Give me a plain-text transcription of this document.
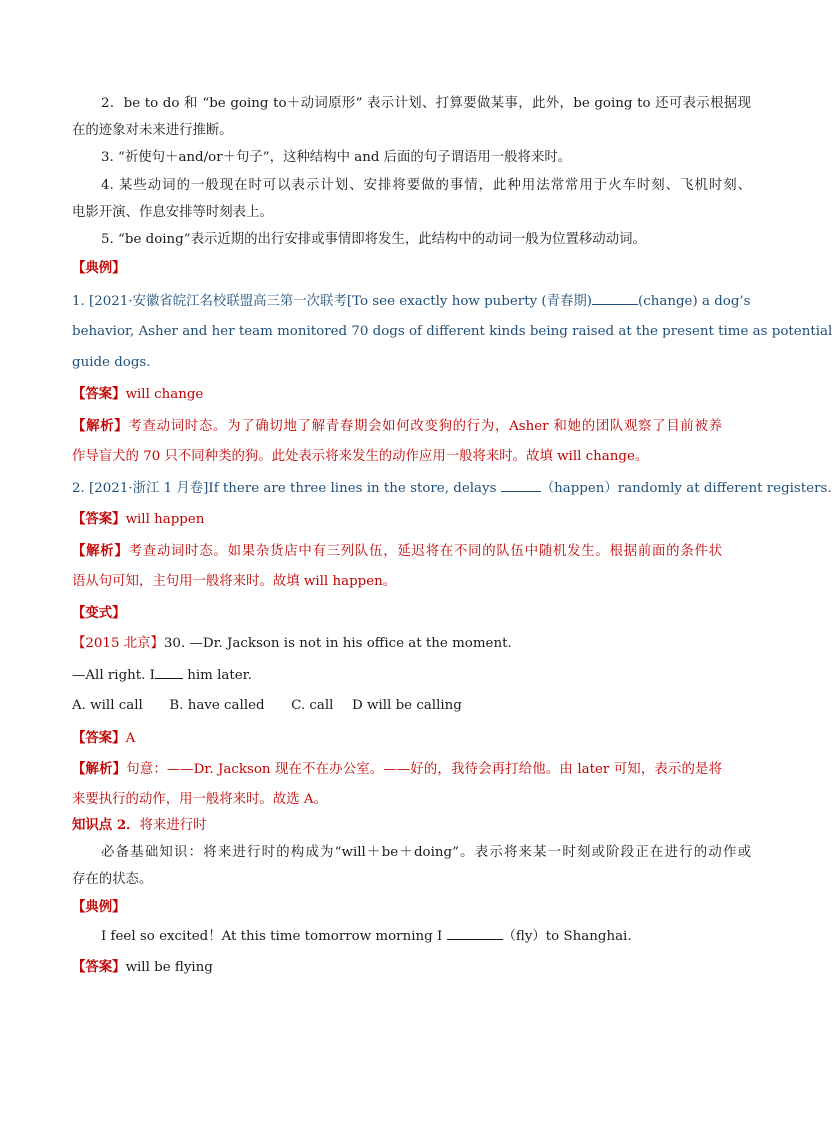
2．be to do 和 “be going to＋动词原形” 表示计划、打算要做某事，此外，be going to 还可表示根据现
在的迹象对未来进行推断。
3. “祈使句＋and/or＋句子”，这种结构中 and 后面的句子谓语用一般将来时。
4. 某些动词的一般现在时可以表示计划、安排将要做的事情，此种用法常常用于火车时刻、飞机时刻、
电影开演、作息安排等时刻表上。
5. “be doing”表示近期的出行安排或事情即将发生，此结构中的动词一般为位置移动动词。
【典例】
1. [2021·安徽省皖江名校联盟高三第一次联考[To see exactly how puberty (青春期)	(change) a dog’s
behavior, Asher and her team monitored 70 dogs of different kinds being raised at the present time as potential
guide dogs.
【答案】will change
【解析】考查动词时态。为了确切地了解青春期会如何改变狗的行为，Asher 和她的团队观察了目前被养
作导盲犬的 70 只不同种类的狗。此处表示将来发生的动作应用一般将来时。故填 will change。
2. [2021·浙江 1 月卷]If there are three lines in the store, delays	（happen）randomly at different registers.
【答案】will happen
【解析】考查动词时态。如果杂货店中有三列队伍，延迟将在不同的队伍中随机发生。根据前面的条件状
语从句可知，主句用一般将来时。故填 will happen。
【变式】
【2015 北京】30. —Dr. Jackson is not in his office at the moment.
—All right. I him later.
A. will call B. have called C. call D will be calling
【答案】A
【解析】句意：——Dr. Jackson 现在不在办公室。——好的，我待会再打给他。由 later 可知，表示的是将
来要执行的动作，用一般将来时。故选 A。
知识点 2．将来进行时
必备基础知识：将来进行时的构成为“will＋be＋doing”。表示将来某一时刻或阶段正在进行的动作或
存在的状态。
【典例】
I feel so excited！At this time tomorrow morning I	（fly）to Shanghai.
【答案】will be flying
